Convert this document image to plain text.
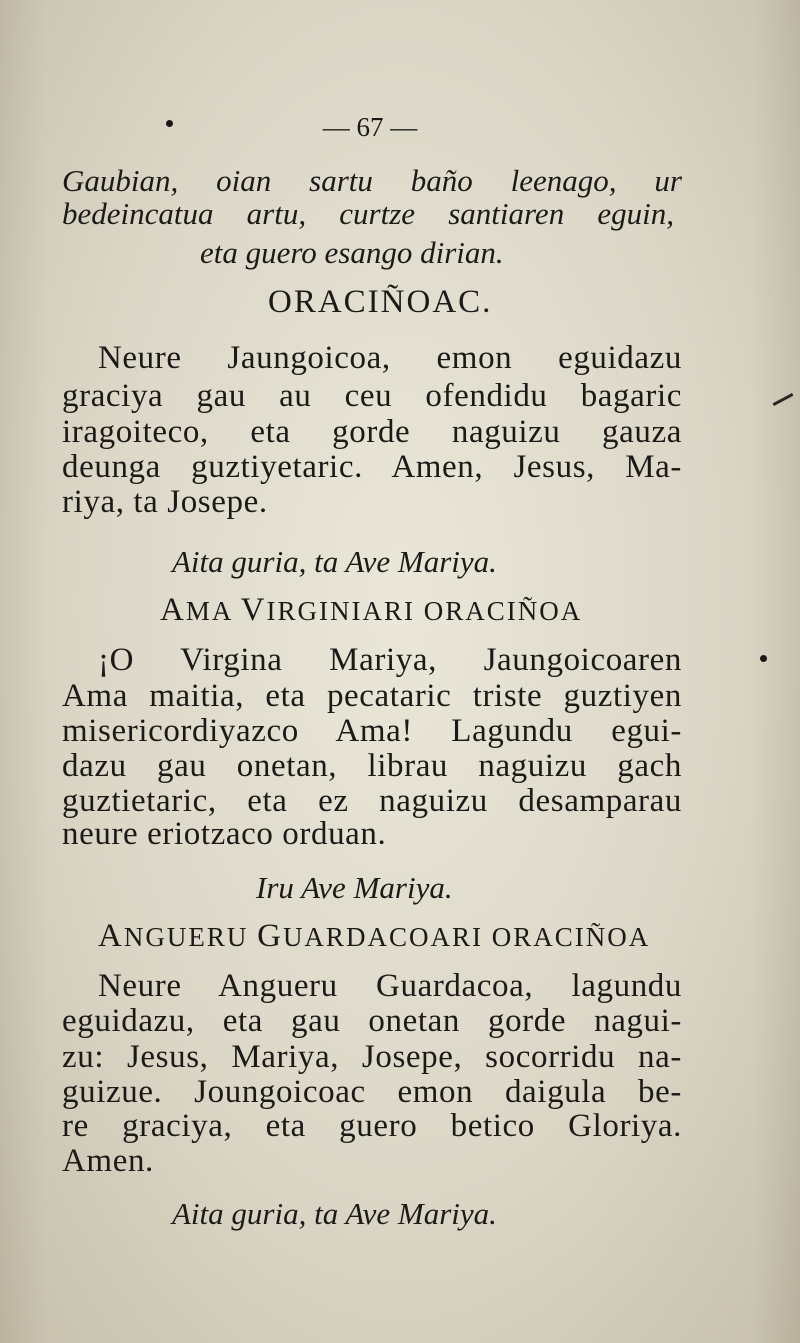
— 67 —
Gaubian, oian sartu baño leenago, ur
bedeincatua artu, curtze santiaren eguin,
eta guero esango dirian.
ORACIÑOAC.
Neure Jaungoicoa, emon eguidazu
graciya gau au ceu ofendidu bagaric
iragoiteco, eta gorde naguizu gauza
deunga guztiyetaric. Amen, Jesus, Ma-
riya, ta Josepe.
Aita guria, ta Ave Mariya.
AMA VIRGINIARI ORACIÑOA
¡O Virgina Mariya, Jaungoicoaren
Ama maitia, eta pecataric triste guztiyen
misericordiyazco Ama! Lagundu egui-
dazu gau onetan, librau naguizu gach
guztietaric, eta ez naguizu desamparau
neure eriotzaco orduan.
Iru Ave Mariya.
ANGUERU GUARDACOARI ORACIÑOA
Neure Angueru Guardacoa, lagundu
eguidazu, eta gau onetan gorde nagui-
zu: Jesus, Mariya, Josepe, socorridu na-
guizue. Joungoicoac emon daigula be-
re graciya, eta guero betico Gloriya.
Amen.
Aita guria, ta Ave Mariya.
